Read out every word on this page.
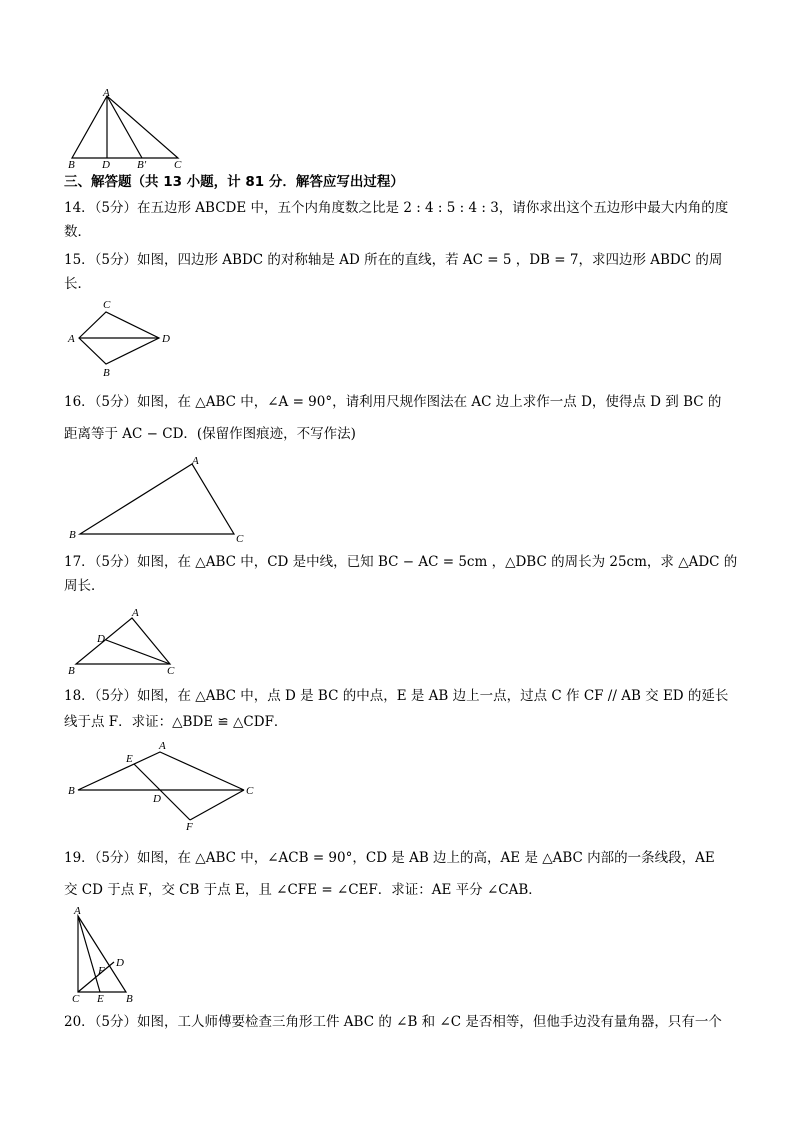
A
B D B′	C
三、解答题（共 13 小题，计 81 分．解答应写出过程）
14．（5分）在五边形 ABCDE 中，五个内角度数之比是 2 : 4 : 5 : 4 : 3，请你求出这个五边形中最大内角的度
数．
15．（5分）如图，四边形 ABDC 的对称轴是 AD 所在的直线，若 AC = 5 ，DB = 7，求四边形 ABDC 的周
长．
C
A	D
B
16．（5分）如图，在 △ABC 中，∠A = 90°，请利用尺规作图法在 AC 边上求作一点 D，使得点 D 到 BC 的
距离等于 AC − CD．(保留作图痕迹，不写作法)
A
B	C
17．（5分）如图，在 △ABC 中，CD 是中线，已知 BC − AC = 5cm ，△DBC 的周长为 25cm，求 △ADC 的
周长．
A
D
B	C
18．（5分）如图，在 △ABC 中，点 D 是 BC 的中点，E 是 AB 边上一点，过点 C 作 CF // AB 交 ED 的延长
线于点 F．求证：△BDE ≌ △CDF．
A
E
B
D
C
F
19．（5分）如图，在 △ABC 中，∠ACB = 90°，CD 是 AB 边上的高，AE 是 △ABC 内部的一条线段，AE
交 CD 于点 F，交 CB 于点 E，且 ∠CFE = ∠CEF．求证：AE 平分 ∠CAB．
A
D
F
C E B
20．（5分）如图，工人师傅要检查三角形工件 ABC 的 ∠B 和 ∠C 是否相等，但他手边没有量角器，只有一个
